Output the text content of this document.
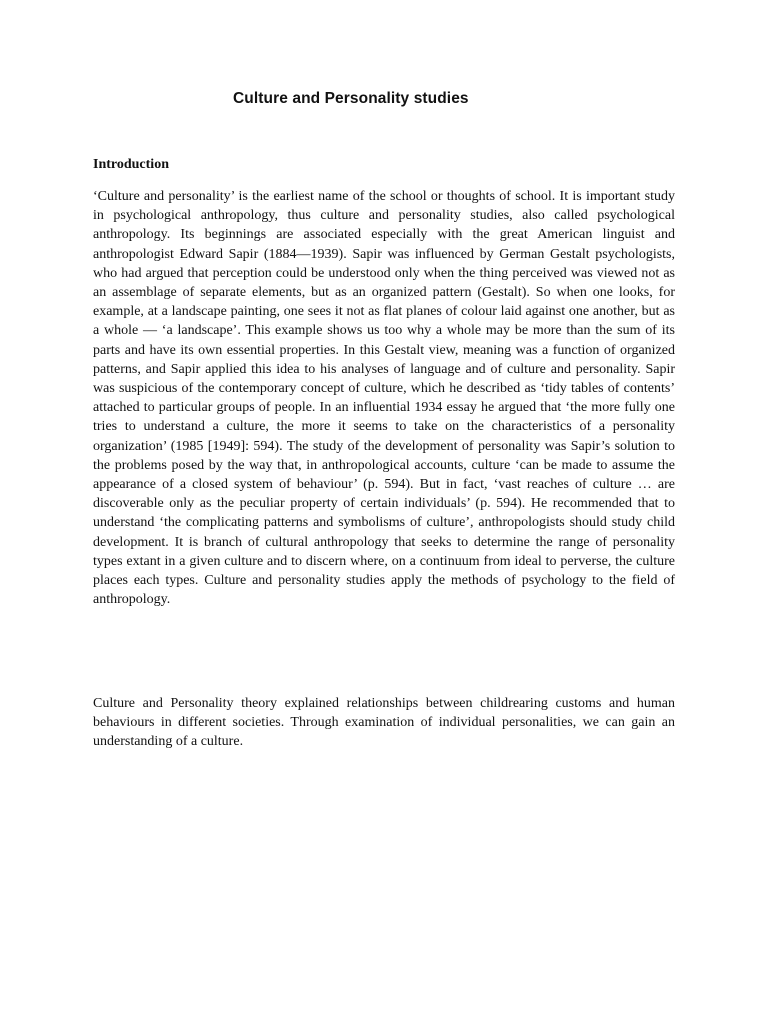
Culture and Personality studies
Introduction

‘Culture and personality’ is the earliest name of the school or thoughts of school. It is important study in psychological anthropology, thus culture and personality studies, also called psychological anthropology. Its beginnings are associated especially with the great American linguist and anthropologist Edward Sapir (1884—1939). Sapir was influenced by German Gestalt psychologists, who had argued that perception could be understood only when the thing perceived was viewed not as an assemblage of separate elements, but as an organized pattern (Gestalt). So when one looks, for example, at a landscape painting, one sees it not as flat planes of colour laid against one another, but as a whole — ‘a landscape’. This example shows us too why a whole may be more than the sum of its parts and have its own essential properties. In this Gestalt view, meaning was a function of organized patterns, and Sapir applied this idea to his analyses of language and of culture and personality. Sapir was suspicious of the contemporary concept of culture, which he described as ‘tidy tables of contents’ attached to particular groups of people. In an influential 1934 essay he argued that ‘the more fully one tries to understand a culture, the more it seems to take on the characteristics of a personality organization’ (1985 [1949]: 594). The study of the development of personality was Sapir’s solution to the problems posed by the way that, in anthropological accounts, culture ‘can be made to assume the appearance of a closed system of behaviour’ (p. 594). But in fact, ‘vast reaches of culture … are discoverable only as the peculiar property of certain individuals’ (p. 594). He recommended that to understand ‘the complicating patterns and symbolisms of culture’, anthropologists should study child development. It is branch of cultural anthropology that seeks to determine the range of personality types extant in a given culture and to discern where, on a continuum from ideal to perverse, the culture places each types. Culture and personality studies apply the methods of psychology to the field of anthropology.

Culture and Personality theory explained relationships between childrearing customs and human behaviours in different societies. Through examination of individual personalities, we can gain an understanding of a culture.
